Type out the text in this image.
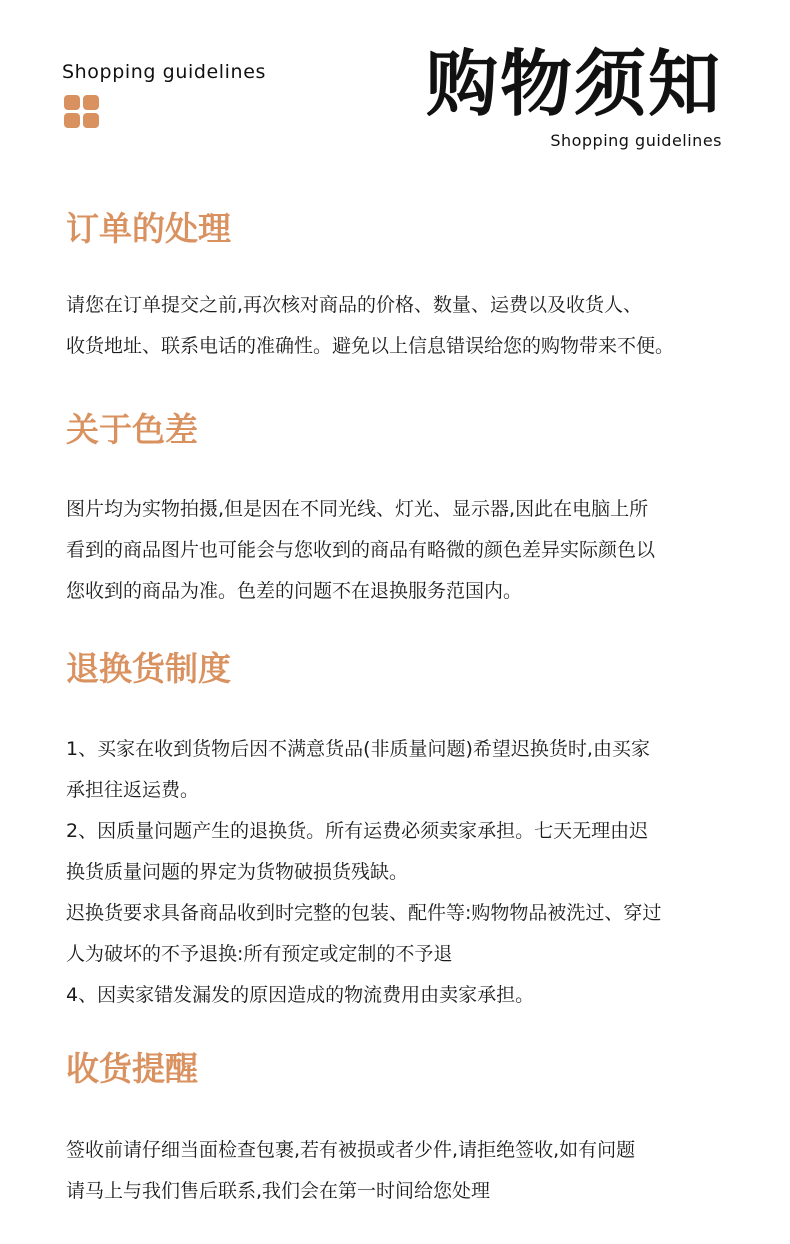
Shopping guidelines 购物须知
Shopping guidelines
订单的处理

请您在订单提交之前,再次核对商品的价格、数量、运费以及收货人、

收货地址、联系电话的准确性。避免以上信息错误给您的购物带来不便。

关于色差

图片均为实物拍摄,但是因在不同光线、灯光、显示器,因此在电脑上所

看到的商品图片也可能会与您收到的商品有略微的颜色差异实际颜色以

您收到的商品为准。色差的问题不在退换服务范国内。

退换货制度

1、买家在收到货物后因不满意货品(非质量问题)希望迟换货时,由买家

承担往返运费。

2、因质量问题产生的退换货。所有运费必须卖家承担。七天无理由迟

换货质量问题的界定为货物破损货残缺。

迟换货要求具备商品收到时完整的包装、配件等:购物物品被洗过、穿过

人为破坏的不予退换:所有预定或定制的不予退

4、因卖家错发漏发的原因造成的物流费用由卖家承担。

收货提醒

签收前请仔细当面检查包裹,若有被损或者少件,请拒绝签收,如有问题

请马上与我们售后联系,我们会在第一时间给您处理
